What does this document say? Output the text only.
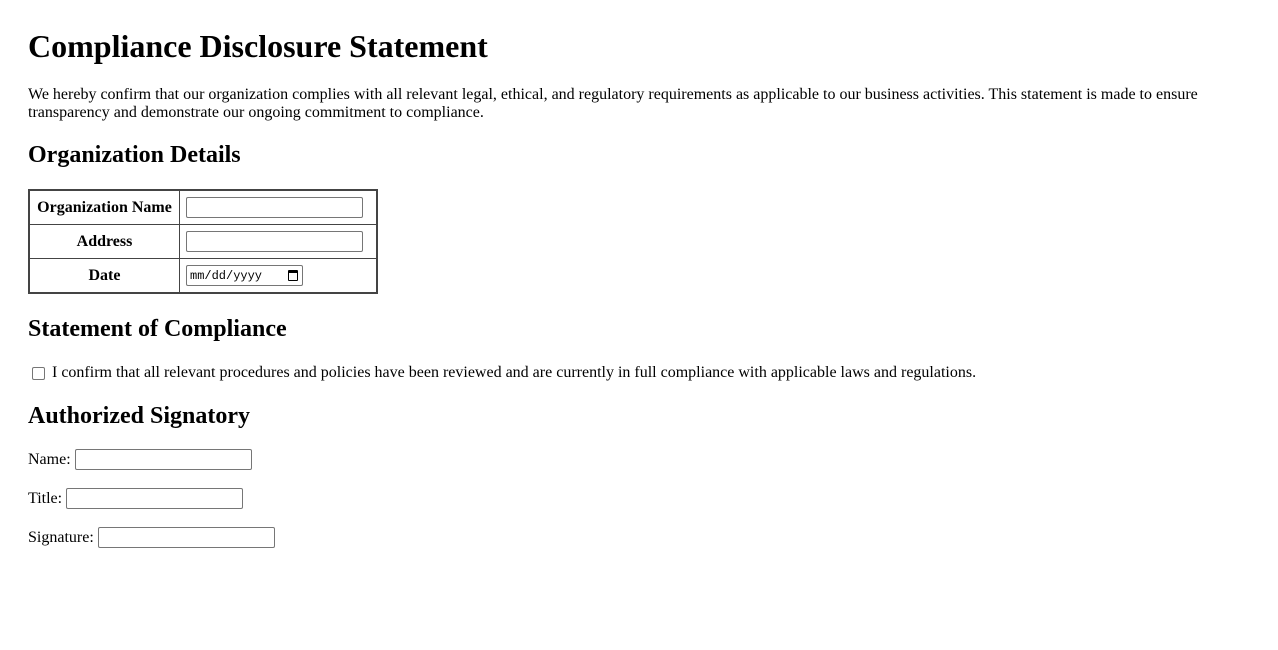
Compliance Disclosure Statement

We hereby confirm that our organization complies with all relevant legal, ethical, and regulatory requirements as applicable to our business activities. This statement is made to ensure transparency and demonstrate our ongoing commitment to compliance.

Organization Details
Organization Name	
Address	
Date	mm/dd/yyyy
Statement of Compliance
I confirm that all relevant procedures and policies have been reviewed and are currently in full compliance with applicable laws and regulations.
Authorized Signatory
Name:
Title:
Signature:
